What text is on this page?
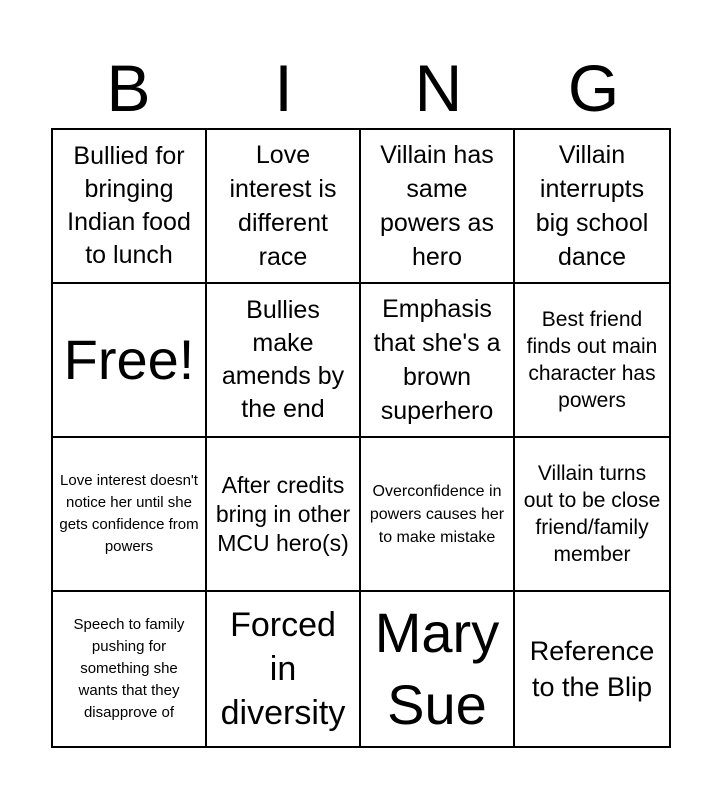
B	I	N	G
Bullied for bringing Indian food to lunch
Love interest is different race
Villain has same powers as hero
Villain interrupts big school dance
Free!
Bullies make amends by the end
Emphasis that she's a brown superhero
Best friend finds out main character has powers
Love interest doesn't notice her until she gets confidence from powers
After credits bring in other MCU hero(s)
Overconfidence in powers causes her to make mistake
Villain turns out to be close friend/family member
Speech to family pushing for something she wants that they disapprove of
Forced in diversity
Mary Sue
Reference to the Blip
